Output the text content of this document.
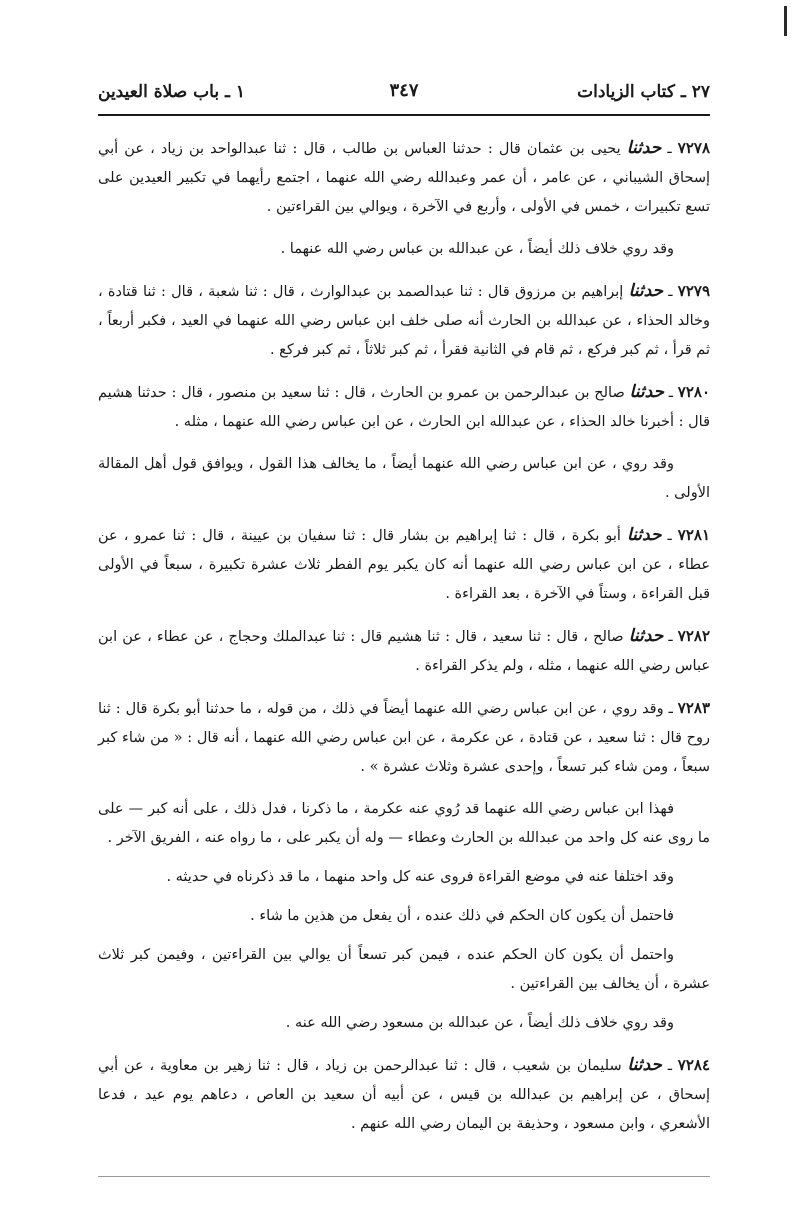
٢٧ ـ كتاب الزيادات
٣٤٧
١ ـ باب صلاة العيدين

٧٢٧٨ ـ حدثنا يحيى بن عثمان قال : حدثنا العباس بن طالب ، قال : ثنا عبدالواحد بن زياد ، عن أبي إسحاق الشيباني ، عن عامر ، أن عمر وعبدالله رضي الله عنهما ، اجتمع رأيهما في تكبير العيدين على تسع تكبيرات ، خمس في الأولى ، وأربع في الآخرة ، ويوالي بين القراءتين .

وقد روي خلاف ذلك أيضاً ، عن عبدالله بن عباس رضي الله عنهما .

٧٢٧٩ ـ حدثنا إبراهيم بن مرزوق قال : ثنا عبدالصمد بن عبدالوارث ، قال : ثنا شعبة ، قال : ثنا قتادة ، وخالد الحذاء ، عن عبدالله بن الحارث أنه صلى خلف ابن عباس رضي الله عنهما في العيد ، فكبر أربعاً ، ثم قرأ ، ثم كبر فركع ، ثم قام في الثانية فقرأ ، ثم كبر ثلاثاً ، ثم كبر فركع .

٧٢٨٠ ـ حدثنا صالح بن عبدالرحمن بن عمرو بن الحارث ، قال : ثنا سعيد بن منصور ، قال : حدثنا هشيم قال : أخبرنا خالد الحذاء ، عن عبدالله ابن الحارث ، عن ابن عباس رضي الله عنهما ، مثله .

وقد روي ، عن ابن عباس رضي الله عنهما أيضاً ، ما يخالف هذا القول ، ويوافق قول أهل المقالة الأولى .

٧٢٨١ ـ حدثنا أبو بكرة ، قال : ثنا إبراهيم بن بشار قال : ثنا سفيان بن عيينة ، قال : ثنا عمرو ، عن عطاء ، عن ابن عباس رضي الله عنهما أنه كان يكبر يوم الفطر ثلاث عشرة تكبيرة ، سبعاً في الأولى قبل القراءة ، وستاً في الآخرة ، بعد القراءة .

٧٢٨٢ ـ حدثنا صالح ، قال : ثنا سعيد ، قال : ثنا هشيم قال : ثنا عبدالملك وحجاج ، عن عطاء ، عن ابن عباس رضي الله عنهما ، مثله ، ولم يذكر القراءة .

٧٢٨٣ ـ وقد روي ، عن ابن عباس رضي الله عنهما أيضاً في ذلك ، من قوله ، ما حدثنا أبو بكرة قال : ثنا روح قال : ثنا سعيد ، عن قتادة ، عن عكرمة ، عن ابن عباس رضي الله عنهما ، أنه قال : « من شاء كبر سبعاً ، ومن شاء كبر تسعاً ، وإحدى عشرة وثلاث عشرة » .

فهذا ابن عباس رضي الله عنهما قد رُوي عنه عكرمة ، ما ذكرنا ، فدل ذلك ، على أنه كبر — على ما روى عنه كل واحد من عبدالله بن الحارث وعطاء — وله أن يكبر على ، ما رواه عنه ، الفريق الآخر .

وقد اختلفا عنه في موضع القراءة فروى عنه كل واحد منهما ، ما قد ذكرناه في حديثه .

فاحتمل أن يكون كان الحكم في ذلك عنده ، أن يفعل من هذين ما شاء .

واحتمل أن يكون كان الحكم عنده ، فيمن كبر تسعاً أن يوالي بين القراءتين ، وفيمن كبر ثلاث عشرة ، أن يخالف بين القراءتين .

وقد روي خلاف ذلك أيضاً ، عن عبدالله بن مسعود رضي الله عنه .

٧٢٨٤ ـ حدثنا سليمان بن شعيب ، قال : ثنا عبدالرحمن بن زياد ، قال : ثنا زهير بن معاوية ، عن أبي إسحاق ، عن إبراهيم بن عبدالله بن قيس ، عن أبيه أن سعيد بن العاص ، دعاهم يوم عيد ، فدعا الأشعري ، وابن مسعود ، وحذيفة بن اليمان رضي الله عنهم .
